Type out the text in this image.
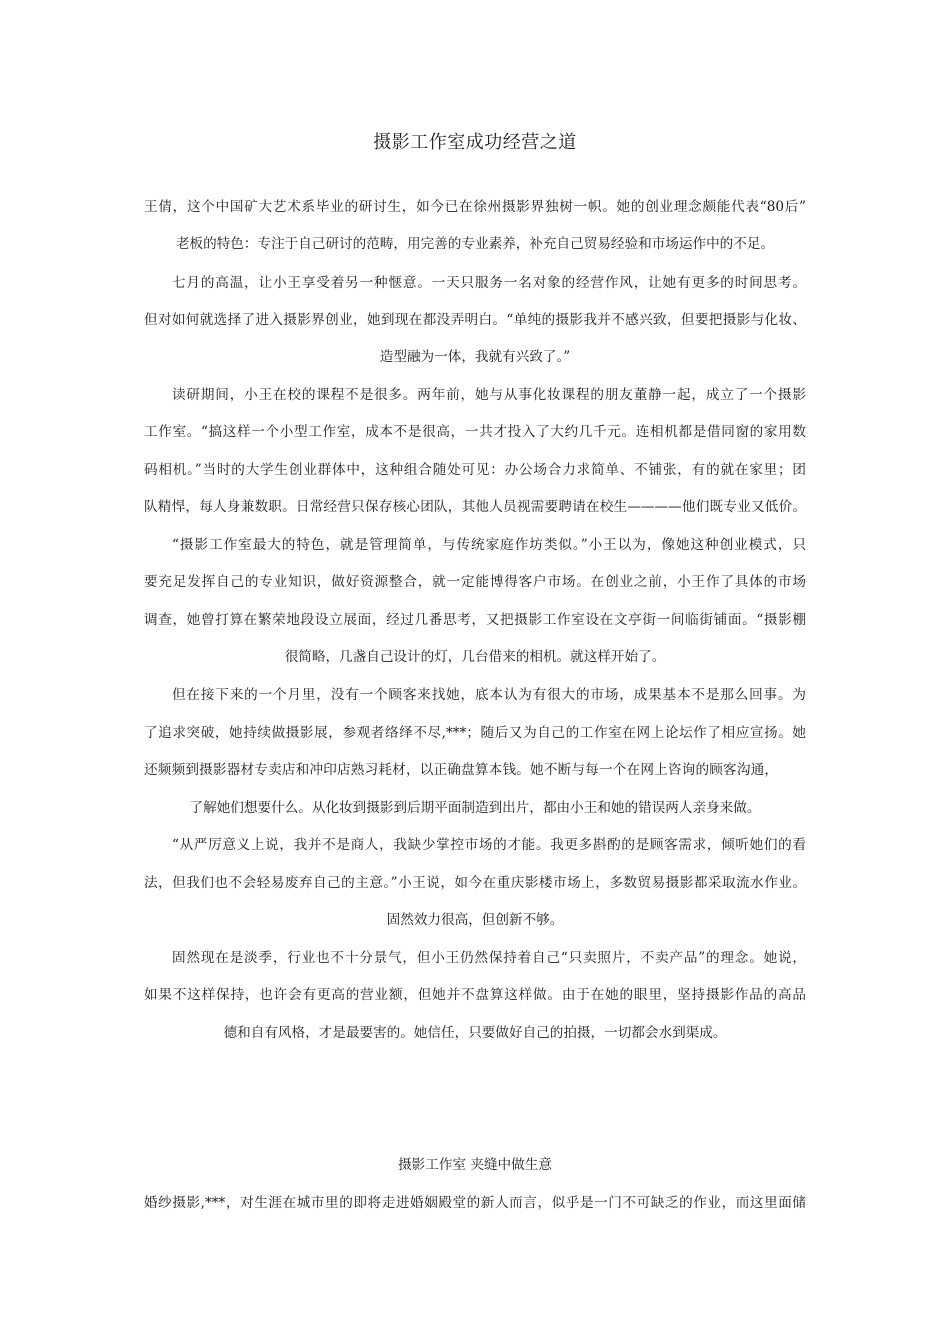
摄影工作室成功经营之道
王倩，这个中国矿大艺术系毕业的研讨生，如今已在徐州摄影界独树一帜。她的创业理念颇能代表“80后”
老板的特色：专注于自己研讨的范畴，用完善的专业素养，补充自己贸易经验和市场运作中的不足。
七月的高温，让小王享受着另一种惬意。一天只服务一名对象的经营作风，让她有更多的时间思考。
但对如何就选择了进入摄影界创业，她到现在都没弄明白。“单纯的摄影我并不感兴致，但要把摄影与化妆、
造型融为一体，我就有兴致了。”
读研期间，小王在校的课程不是很多。两年前，她与从事化妆课程的朋友董静一起，成立了一个摄影
工作室。“搞这样一个小型工作室，成本不是很高，一共才投入了大约几千元。连相机都是借同窗的家用数
码相机。”当时的大学生创业群体中，这种组合随处可见：办公场合力求简单、不铺张，有的就在家里；团
队精悍，每人身兼数职。日常经营只保存核心团队，其他人员视需要聘请在校生————他们既专业又低价。
“摄影工作室最大的特色，就是管理简单，与传统家庭作坊类似。”小王以为，像她这种创业模式，只
要充足发挥自己的专业知识，做好资源整合，就一定能博得客户市场。在创业之前，小王作了具体的市场
调查，她曾打算在繁荣地段设立展面，经过几番思考，又把摄影工作室设在文亭街一间临街铺面。“摄影棚
很简略，几盏自己设计的灯，几台借来的相机。就这样开始了。
但在接下来的一个月里，没有一个顾客来找她，底本认为有很大的市场，成果基本不是那么回事。为
了追求突破，她持续做摄影展，参观者络绎不尽,***；随后又为自己的工作室在网上论坛作了相应宣扬。她
还频频到摄影器材专卖店和冲印店熟习耗材，以正确盘算本钱。她不断与每一个在网上咨询的顾客沟通，
了解她们想要什么。从化妆到摄影到后期平面制造到出片，都由小王和她的错误两人亲身来做。
“从严厉意义上说，我并不是商人，我缺少掌控市场的才能。我更多斟酌的是顾客需求，倾听她们的看
法，但我们也不会轻易废弃自己的主意。”小王说，如今在重庆影楼市场上，多数贸易摄影都采取流水作业。
固然效力很高，但创新不够。
固然现在是淡季，行业也不十分景气，但小王仍然保持着自己“只卖照片，不卖产品”的理念。她说，
如果不这样保持，也许会有更高的营业额，但她并不盘算这样做。由于在她的眼里，坚持摄影作品的高品
德和自有风格，才是最要害的。她信任，只要做好自己的拍摄，一切都会水到渠成。
摄影工作室 夹缝中做生意
婚纱摄影,***，对生涯在城市里的即将走进婚姻殿堂的新人而言，似乎是一门不可缺乏的作业，而这里面储
